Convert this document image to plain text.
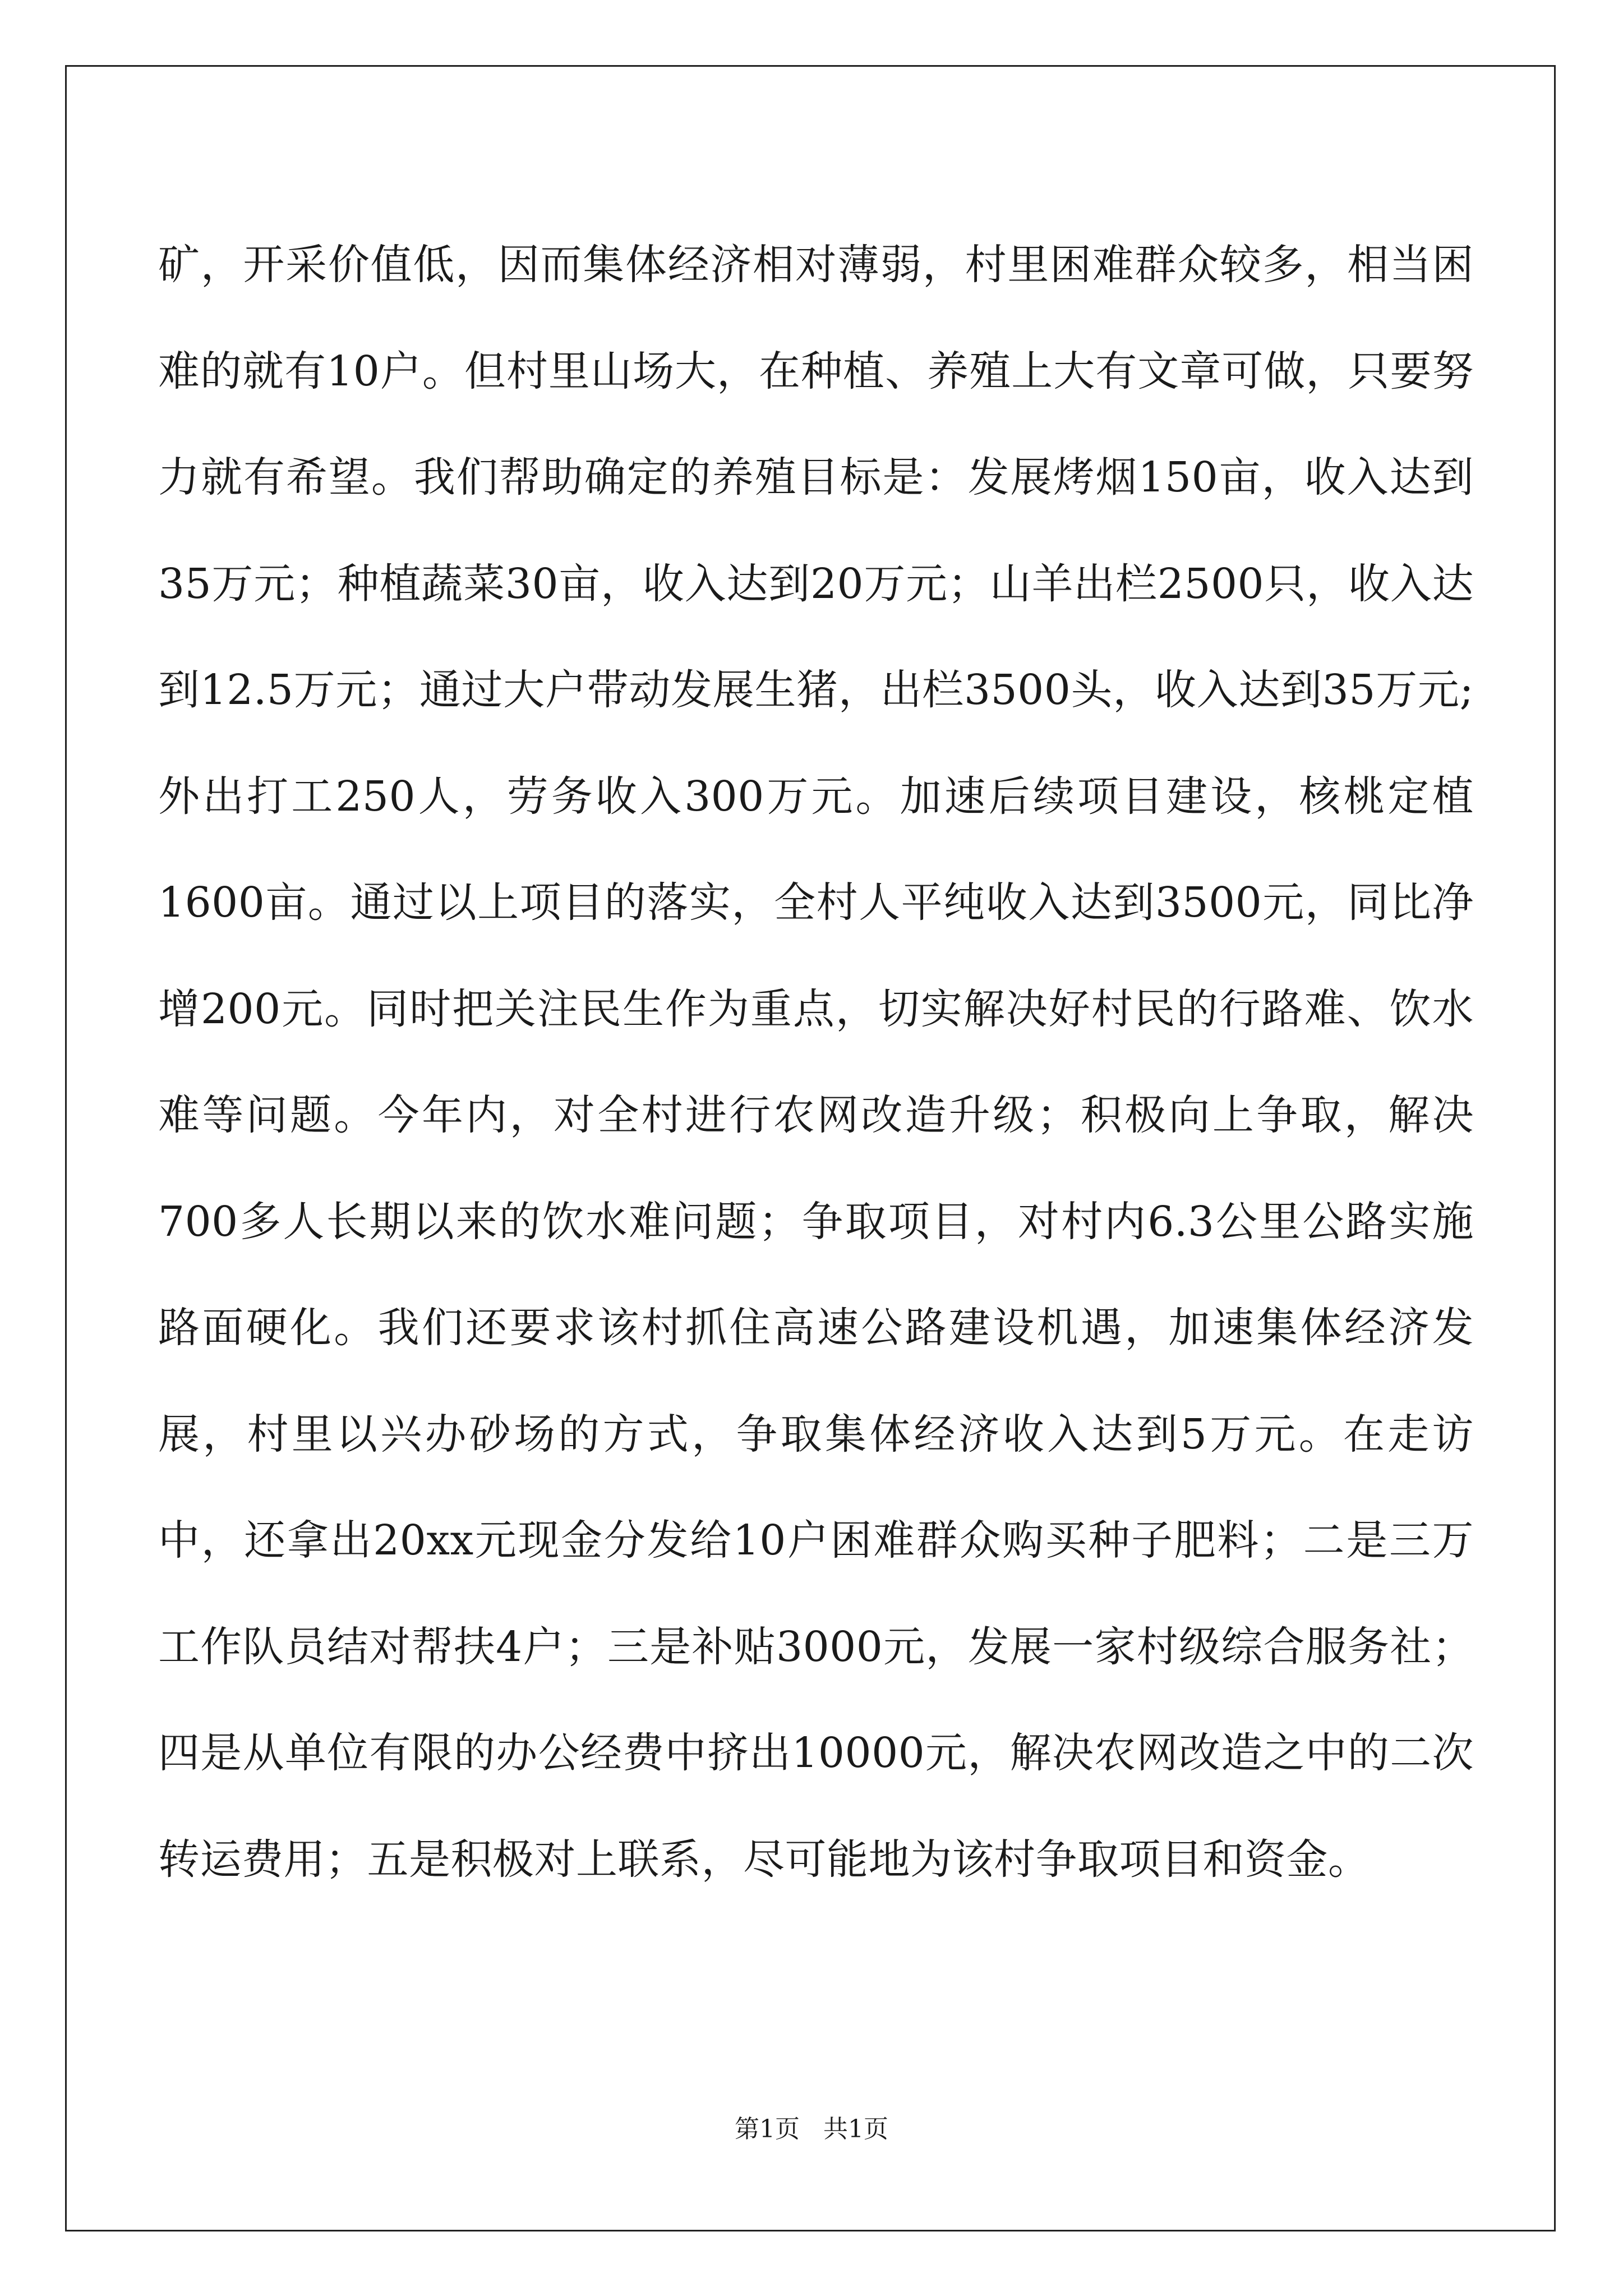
矿，开采价值低，因而集体经济相对薄弱，村里困难群众较多，相当困难的就有10户。但村里山场大，在种植、养殖上大有文章可做，只要努力就有希望。我们帮助确定的养殖目标是：发展烤烟150亩，收入达到35万元；种植蔬菜30亩，收入达到20万元；山羊出栏2500只，收入达到12.5万元；通过大户带动发展生猪，出栏3500头，收入达到35万元;外出打工250人，劳务收入300万元。加速后续项目建设，核桃定植1600亩。通过以上项目的落实，全村人平纯收入达到3500元，同比净增200元。同时把关注民生作为重点，切实解决好村民的行路难、饮水难等问题。今年内，对全村进行农网改造升级；积极向上争取，解决700多人长期以来的饮水难问题；争取项目，对村内6.3公里公路实施路面硬化。我们还要求该村抓住高速公路建设机遇，加速集体经济发展，村里以兴办砂场的方式，争取集体经济收入达到5万元。在走访中，还拿出20xx元现金分发给10户困难群众购买种子肥料；二是三万工作队员结对帮扶4户；三是补贴3000元，发展一家村级综合服务社；四是从单位有限的办公经费中挤出10000元，解决农网改造之中的二次转运费用；五是积极对上联系，尽可能地为该村争取项目和资金。

第1页 共1页
